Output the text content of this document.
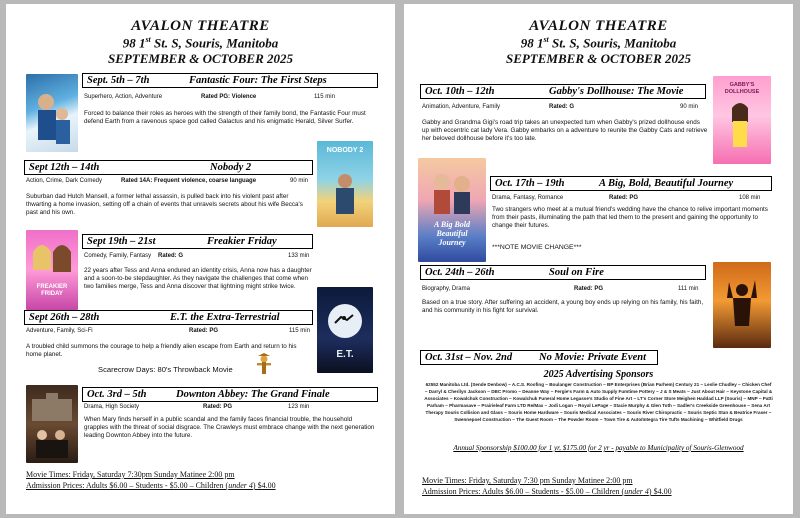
AVALON THEATRE
98 1st St. S, Souris, Manitoba
SEPTEMBER & OCTOBER 2025
Sept. 5th – 7th	Fantastic Four: The First Steps
Superhero, Action, Adventure	Rated PG: Violence	115 min
Forced to balance their roles as heroes with the strength of their family bond, the Fantastic Four must defend Earth from a ravenous space god called Galactus and his enigmatic Herald, Silver Surfer.
Sept 12th – 14th	Nobody 2
NOBODY 2
Action, Crime, Dark Comedy	Rated 14A: Frequent violence, coarse language	90 min
Suburban dad Hutch Mansell, a former lethal assassin, is pulled back into his violent past after thwarting a home invasion, setting off a chain of events that unravels secrets about his wife Becca's past and his own.
FREAKIER FRIDAY
Sept 19th – 21st	Freakier Friday
Comedy, Family, Fantasy Rated: G	133 min
22 years after Tess and Anna endured an identity crisis, Anna now has a daughter and a soon-to-be stepdaughter. As they navigate the challenges that come when two families merge, Tess and Anna discover that lightning might strike twice.
Sept 26th – 28th	E.T. the Extra-Terrestrial
E.T.
Adventure, Family, Sci-Fi	Rated: PG	115 min
A troubled child summons the courage to help a friendly alien escape from Earth and return to his home planet.
Scarecrow Days: 80's Throwback Movie
Oct. 3rd – 5th	Downton Abbey: The Grand Finale
Drama, High Society	Rated: PG	123 min
When Mary finds herself in a public scandal and the family faces financial trouble, the household grapples with the threat of social disgrace. The Crawleys must embrace change with the next generation leading Downton Abbey into the future.
Movie Times: Friday, Saturday 7:30pm Sunday Matinee 2:00 pm
Admission Prices: Adults $6.00 – Students - $5.00 – Children (under 4) $4.00
AVALON THEATRE
98 1st St. S, Souris, Manitoba
SEPTEMBER & OCTOBER 2025
Oct. 10th – 12th	Gabby's Dollhouse: The Movie
GABBY'S DOLLHOUSE
Animation, Adventure, Family	Rated: G	90 min
Gabby and Grandma Gigi's road trip takes an unexpected turn when Gabby's prized dollhouse ends up with eccentric cat lady Vera. Gabby embarks on a adventure to reunite the Gabby Cats and retrieve her beloved dollhouse before it's too late.
A Big Bold Beautiful Journey
Oct. 17th – 19th	A Big, Bold, Beautiful Journey
Drama, Fantasy, Romance	Rated: PG	108 min
Two strangers who meet at a mutual friend's wedding have the chance to relive important moments from their pasts, illuminating the path that led them to the present and gaining the opportunity to change their futures.
***NOTE MOVIE CHANGE***
Oct. 24th – 26th	Soul on Fire
Biography, Drama	Rated: PG	111 min
Based on a true story. After suffering an accident, a young boy ends up relying on his family, his faith, and his community in his fight for survival.
Oct. 31st – Nov. 2nd	No Movie: Private Event
2025 Advertising Sponsors
62552 Manitoba Ltd. (Sende Denbow) ~ A.C.S. Roofing ~ Boulanger Construction ~ BP Enterprises (Brian Parhem) Century 21 ~ Leslie Chudley ~ Chicken Chef ~ Darryl & Cherilyn Jackson ~ DBC Promo ~ Deanne Way ~ Fergie's Farm & Auto Supply Fumtime Pottery ~ J & S Meats ~ Just About Hair ~ Keystone Capital & Associates ~ Kowalchuk Construction ~ Kowalchuk Funeral Home Legasse's Studio of Fine Art ~ LT's Corner Store Meighen Haddad LLP (Souris) ~ MNP ~ Patti Parham ~ Pharmasave ~ Prairieleaf Farm LTD Re/Max – Jodi Logan ~ Royal LePage – Stacie Murphy & Glen Toth ~ Sadler's Creekside Greenhouse ~ Sena Art Therapy Souris Collision and Glass ~ Souris Home Hardware ~ Souris Medical Associates ~ Souris River Chiropractic ~ Souris Septic Stan & Beatrice Fraser ~ Swennepoel Construction ~ The Guest Room ~ The Powder Room ~ Town Tire & Auto/Integra Tire Tufts Machining ~ Whitfield Drugs
Annual Sponsorship $100.00 for 1 yr, $175.00 for 2 yr - payable to Municipality of Souris-Glenwood
Movie Times: Friday, Saturday 7:30 pm Sunday Matinee 2:00 pm
Admission Prices: Adults $6.00 – Students - $5.00 – Children (under 4) $4.00
